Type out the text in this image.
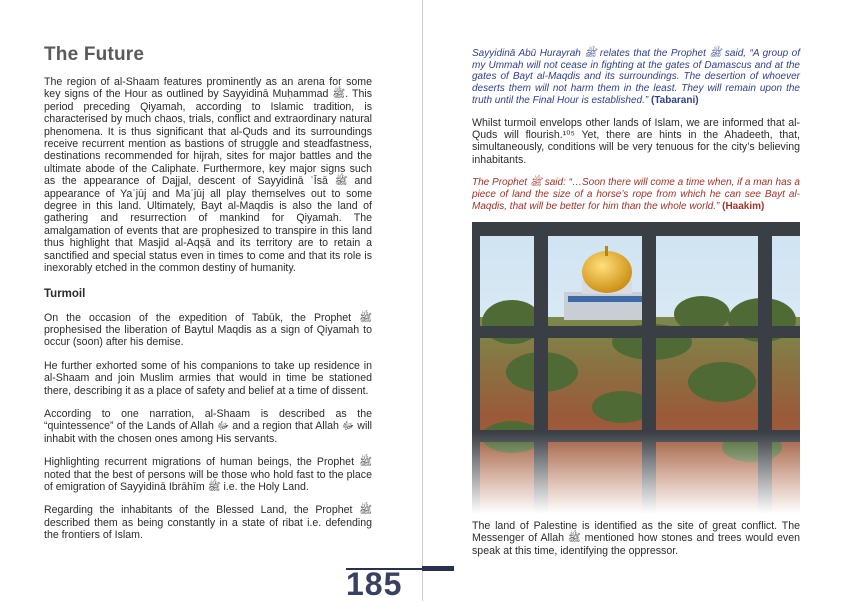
The Future

The region of al-Shaam features prominently as an arena for some key signs of the Hour as outlined by Sayyidinā Muḥammad ﷺ. This period preceding Qiyamah, according to Islamic tradition, is characterised by much chaos, trials, conflict and extraordinary natural phenomena. It is thus significant that al-Quds and its surroundings receive recurrent mention as bastions of struggle and steadfastness, destinations recommended for hijrah, sites for major battles and the ultimate abode of the Caliphate. Furthermore, key major signs such as the appearance of Dajjal, descent of Sayyidinā ʿĪsā ﷺ and appearance of Yaʾjūj and Maʾjūj all play themselves out to some degree in this land. Ultimately, Bayt al-Maqdis is also the land of gathering and resurrection of mankind for Qiyamah. The amalgamation of events that are prophesized to transpire in this land thus highlight that Masjid al-Aqṣā and its territory are to retain a sanctified and special status even in times to come and that its role is inexorably etched in the common destiny of humanity.

Turmoil

On the occasion of the expedition of Tabūk, the Prophet ﷺ prophesised the liberation of Baytul Maqdis as a sign of Qiyamah to occur (soon) after his demise.

He further exhorted some of his companions to take up residence in al-Shaam and join Muslim armies that would in time be stationed there, describing it as a place of safety and belief at a time of dissent.

According to one narration, al-Shaam is described as the “quintessence” of the Lands of Allah ﷻ and a region that Allah ﷻ will inhabit with the chosen ones among His servants.

Highlighting recurrent migrations of human beings, the Prophet ﷺ noted that the best of persons will be those who hold fast to the place of emigration of Sayyidinā Ibrāhīm ﷺ i.e. the Holy Land.

Regarding the inhabitants of the Blessed Land, the Prophet ﷺ described them as being constantly in a state of ribat i.e. defending the frontiers of Islam.

Sayyidinā Abū Hurayrah ﷺ relates that the Prophet ﷺ said, “A group of my Ummah will not cease in fighting at the gates of Damascus and at the gates of Bayt al-Maqdis and its surroundings. The desertion of whoever deserts them will not harm them in the least. They will remain upon the truth until the Final Hour is established.” (Tabarani)

Whilst turmoil envelops other lands of Islam, we are informed that al-Quds will flourish.¹⁰⁵ Yet, there are hints in the Ahadeeth, that, simultaneously, conditions will be very tenuous for the city’s believing inhabitants.

The Prophet ﷺ said: “…Soon there will come a time when, if a man has a piece of land the size of a horse’s rope from which he can see Bayt al-Maqdis, that will be better for him than the whole world.” (Haakim)

The land of Palestine is identified as the site of great conflict. The Messenger of Allah ﷺ mentioned how stones and trees would even speak at this time, identifying the oppressor.

185
